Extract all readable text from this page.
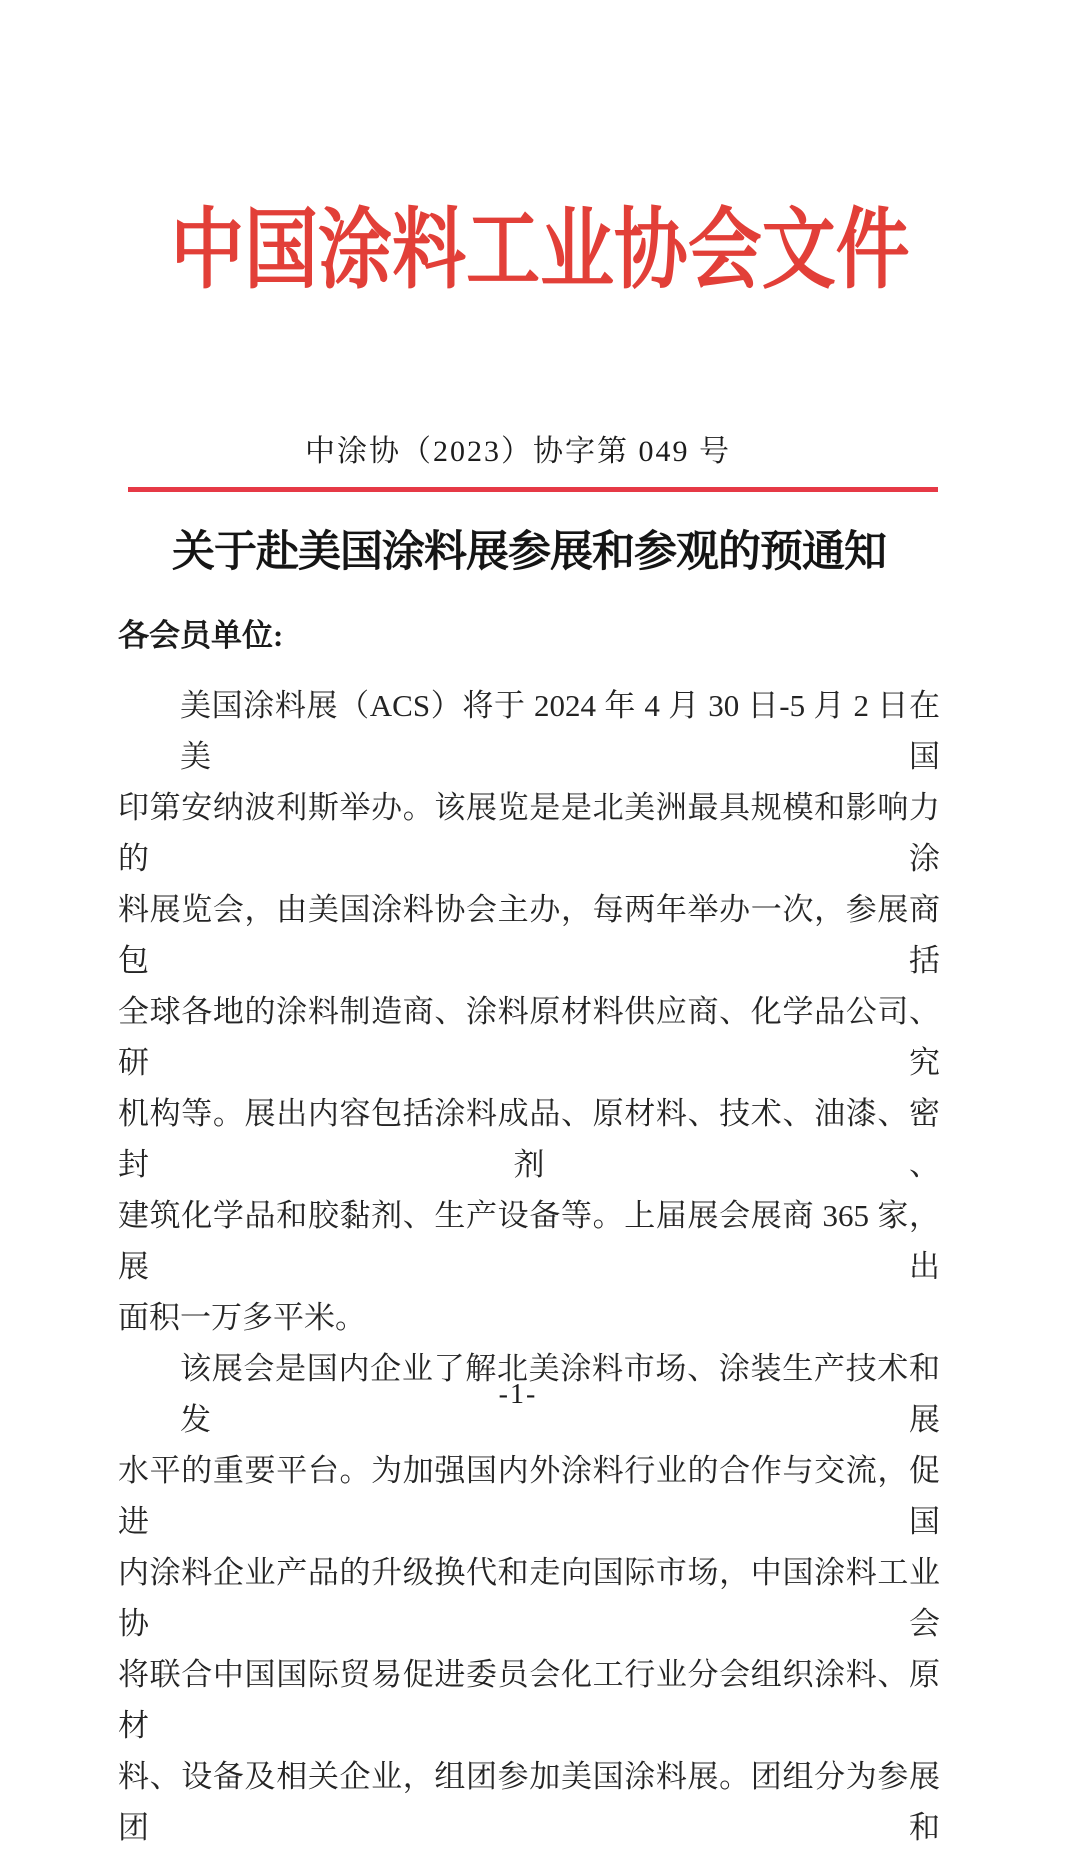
中国涂料工业协会文件
中涂协（2023）协字第 049 号
关于赴美国涂料展参展和参观的预通知
各会员单位:
美国涂料展（ACS）将于 2024 年 4 月 30 日-5 月 2 日在美国
印第安纳波利斯举办。该展览是是北美洲最具规模和影响力的涂
料展览会，由美国涂料协会主办，每两年举办一次，参展商包括
全球各地的涂料制造商、涂料原材料供应商、化学品公司、研究
机构等。展出内容包括涂料成品、原材料、技术、油漆、密封剂、
建筑化学品和胶黏剂、生产设备等。上届展会展商 365 家，展出
面积一万多平米。
该展会是国内企业了解北美涂料市场、涂装生产技术和发展
水平的重要平台。为加强国内外涂料行业的合作与交流，促进国
内涂料企业产品的升级换代和走向国际市场，中国涂料工业协会
将联合中国国际贸易促进委员会化工行业分会组织涂料、原材
料、设备及相关企业，组团参加美国涂料展。团组分为参展团和
-1-
